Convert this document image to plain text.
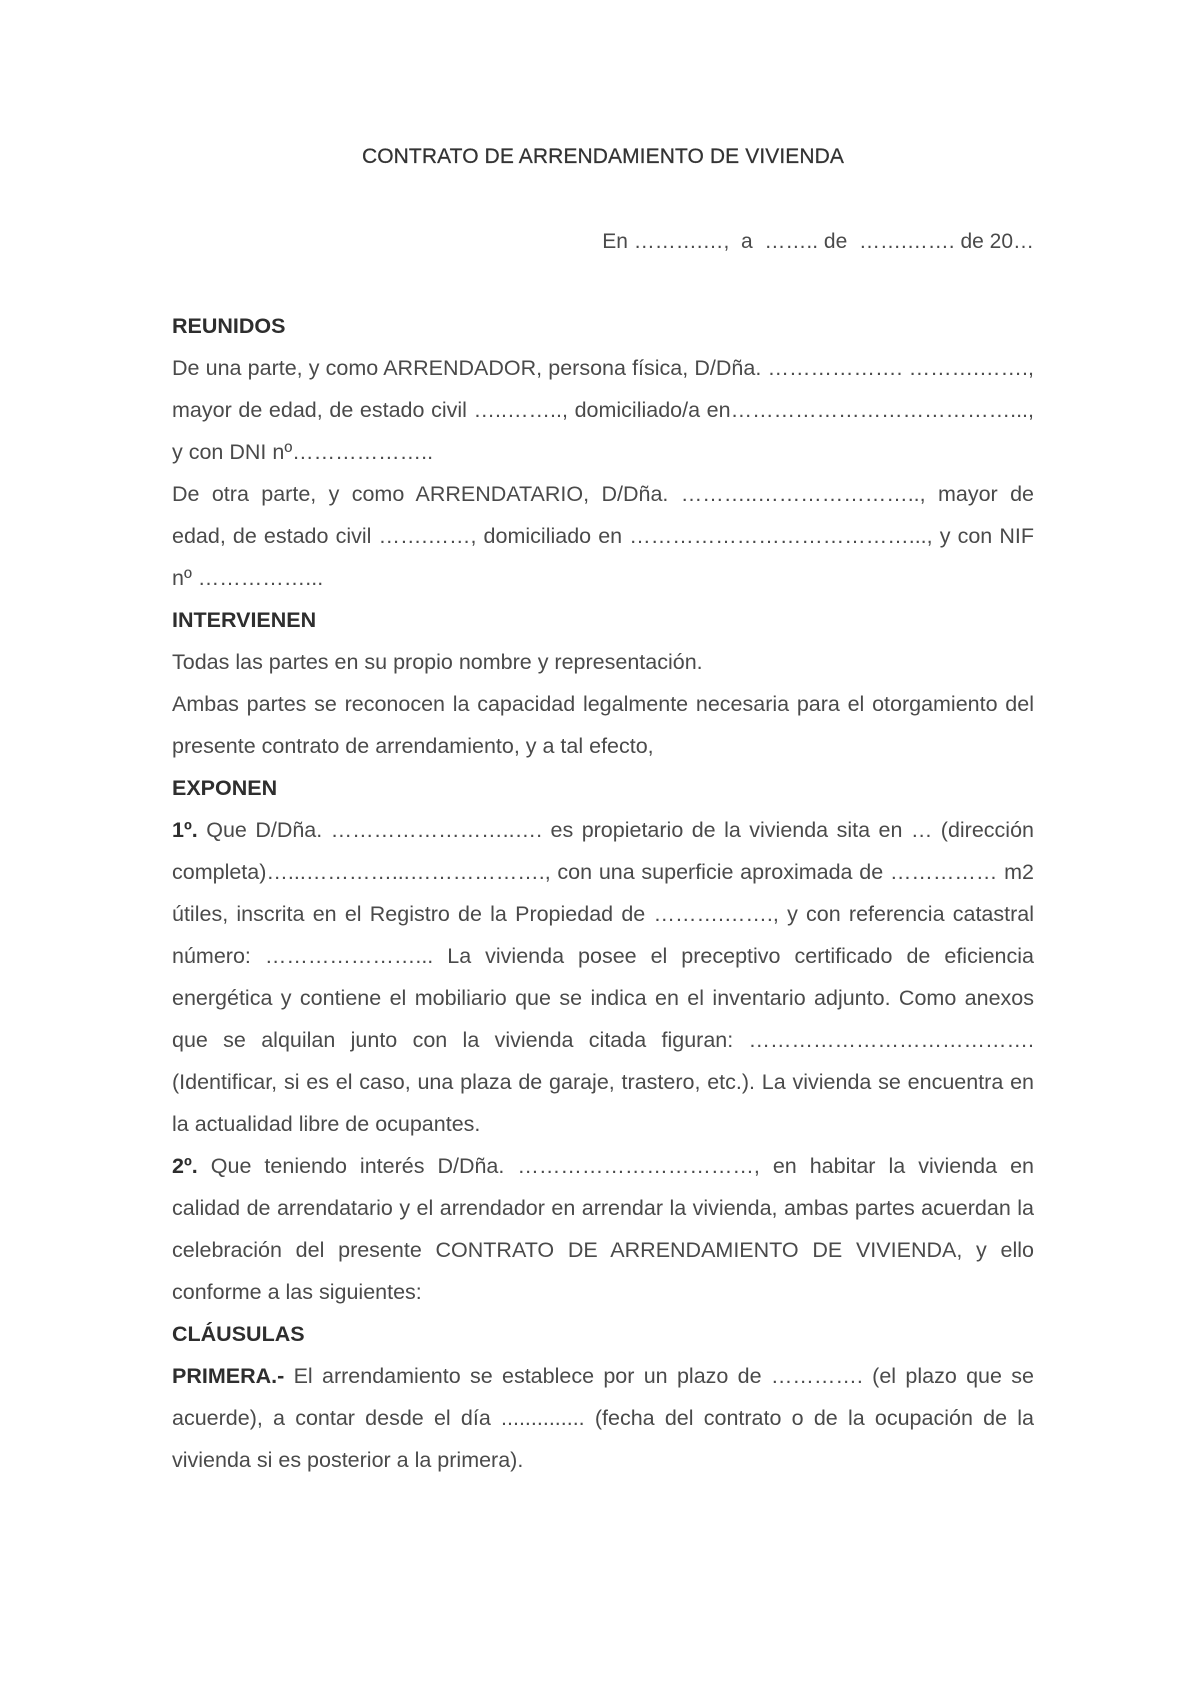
CONTRATO DE ARRENDAMIENTO DE VIVIENDA
En ……….…,  a  …….. de  …….……. de 20…

REUNIDOS

De una parte, y como ARRENDADOR, persona física, D/Dña. ………………. ……….……., mayor de edad, de estado civil …..…….., domiciliado/a en…………………………………..., y con DNI nº………………..

De otra parte, y como ARRENDATARIO, D/Dña. ………..………………….., mayor de edad, de estado civil …….……, domiciliado en …………………………………..., y con NIF nº ……………...

INTERVIENEN

Todas las partes en su propio nombre y representación.

Ambas partes se reconocen la capacidad legalmente necesaria para el otorgamiento del presente contrato de arrendamiento, y a tal efecto,

EXPONEN

1º. Que D/Dña. ……………………..…. es propietario de la vivienda sita en … (dirección completa)…...…………...………………., con una superficie aproximada de …………… m2 útiles, inscrita en el Registro de la Propiedad de ……….……., y con referencia catastral número: …………………... La vivienda posee el preceptivo certificado de eficiencia energética y contiene el mobiliario que se indica en el inventario adjunto. Como anexos que se alquilan junto con la vivienda citada figuran: …………………………………. (Identificar, si es el caso, una plaza de garaje, trastero, etc.). La vivienda se encuentra en la actualidad libre de ocupantes.

2º. Que teniendo interés D/Dña. ……………………………, en habitar la vivienda en calidad de arrendatario y el arrendador en arrendar la vivienda, ambas partes acuerdan la celebración del presente CONTRATO DE ARRENDAMIENTO DE VIVIENDA, y ello conforme a las siguientes:

CLÁUSULAS

PRIMERA.- El arrendamiento se establece por un plazo de …………. (el plazo que se acuerde), a contar desde el día .............. (fecha del contrato o de la ocupación de la vivienda si es posterior a la primera).
